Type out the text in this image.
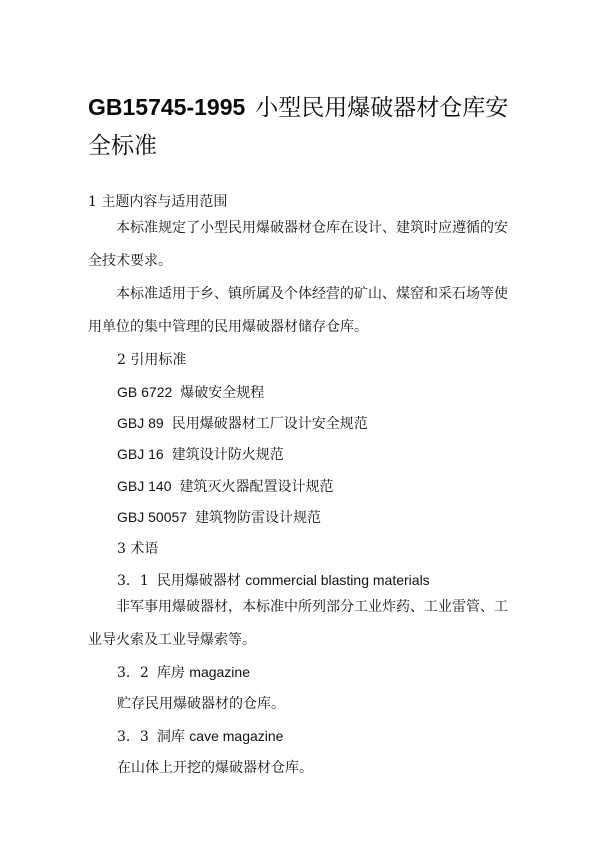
GB15745-1995 小型民用爆破器材仓库安全标准

1 主题内容与适用范围

本标准规定了小型民用爆破器材仓库在设计、建筑时应遵循的安全技术要求。

本标准适用于乡、镇所属及个体经营的矿山、煤窑和采石场等使用单位的集中管理的民用爆破器材储存仓库。

2 引用标准

GB 6722 爆破安全规程

GBJ 89 民用爆破器材工厂设计安全规范

GBJ 16 建筑设计防火规范

GBJ 140 建筑灭火器配置设计规范

GBJ 50057 建筑物防雷设计规范

3 术语

3．1 民用爆破器材 commercial blasting materials

非军事用爆破器材，本标准中所列部分工业炸药、工业雷管、工业导火索及工业导爆索等。

3．2 库房 magazine

贮存民用爆破器材的仓库。

3．3 洞库 cave magazine

在山体上开挖的爆破器材仓库。
